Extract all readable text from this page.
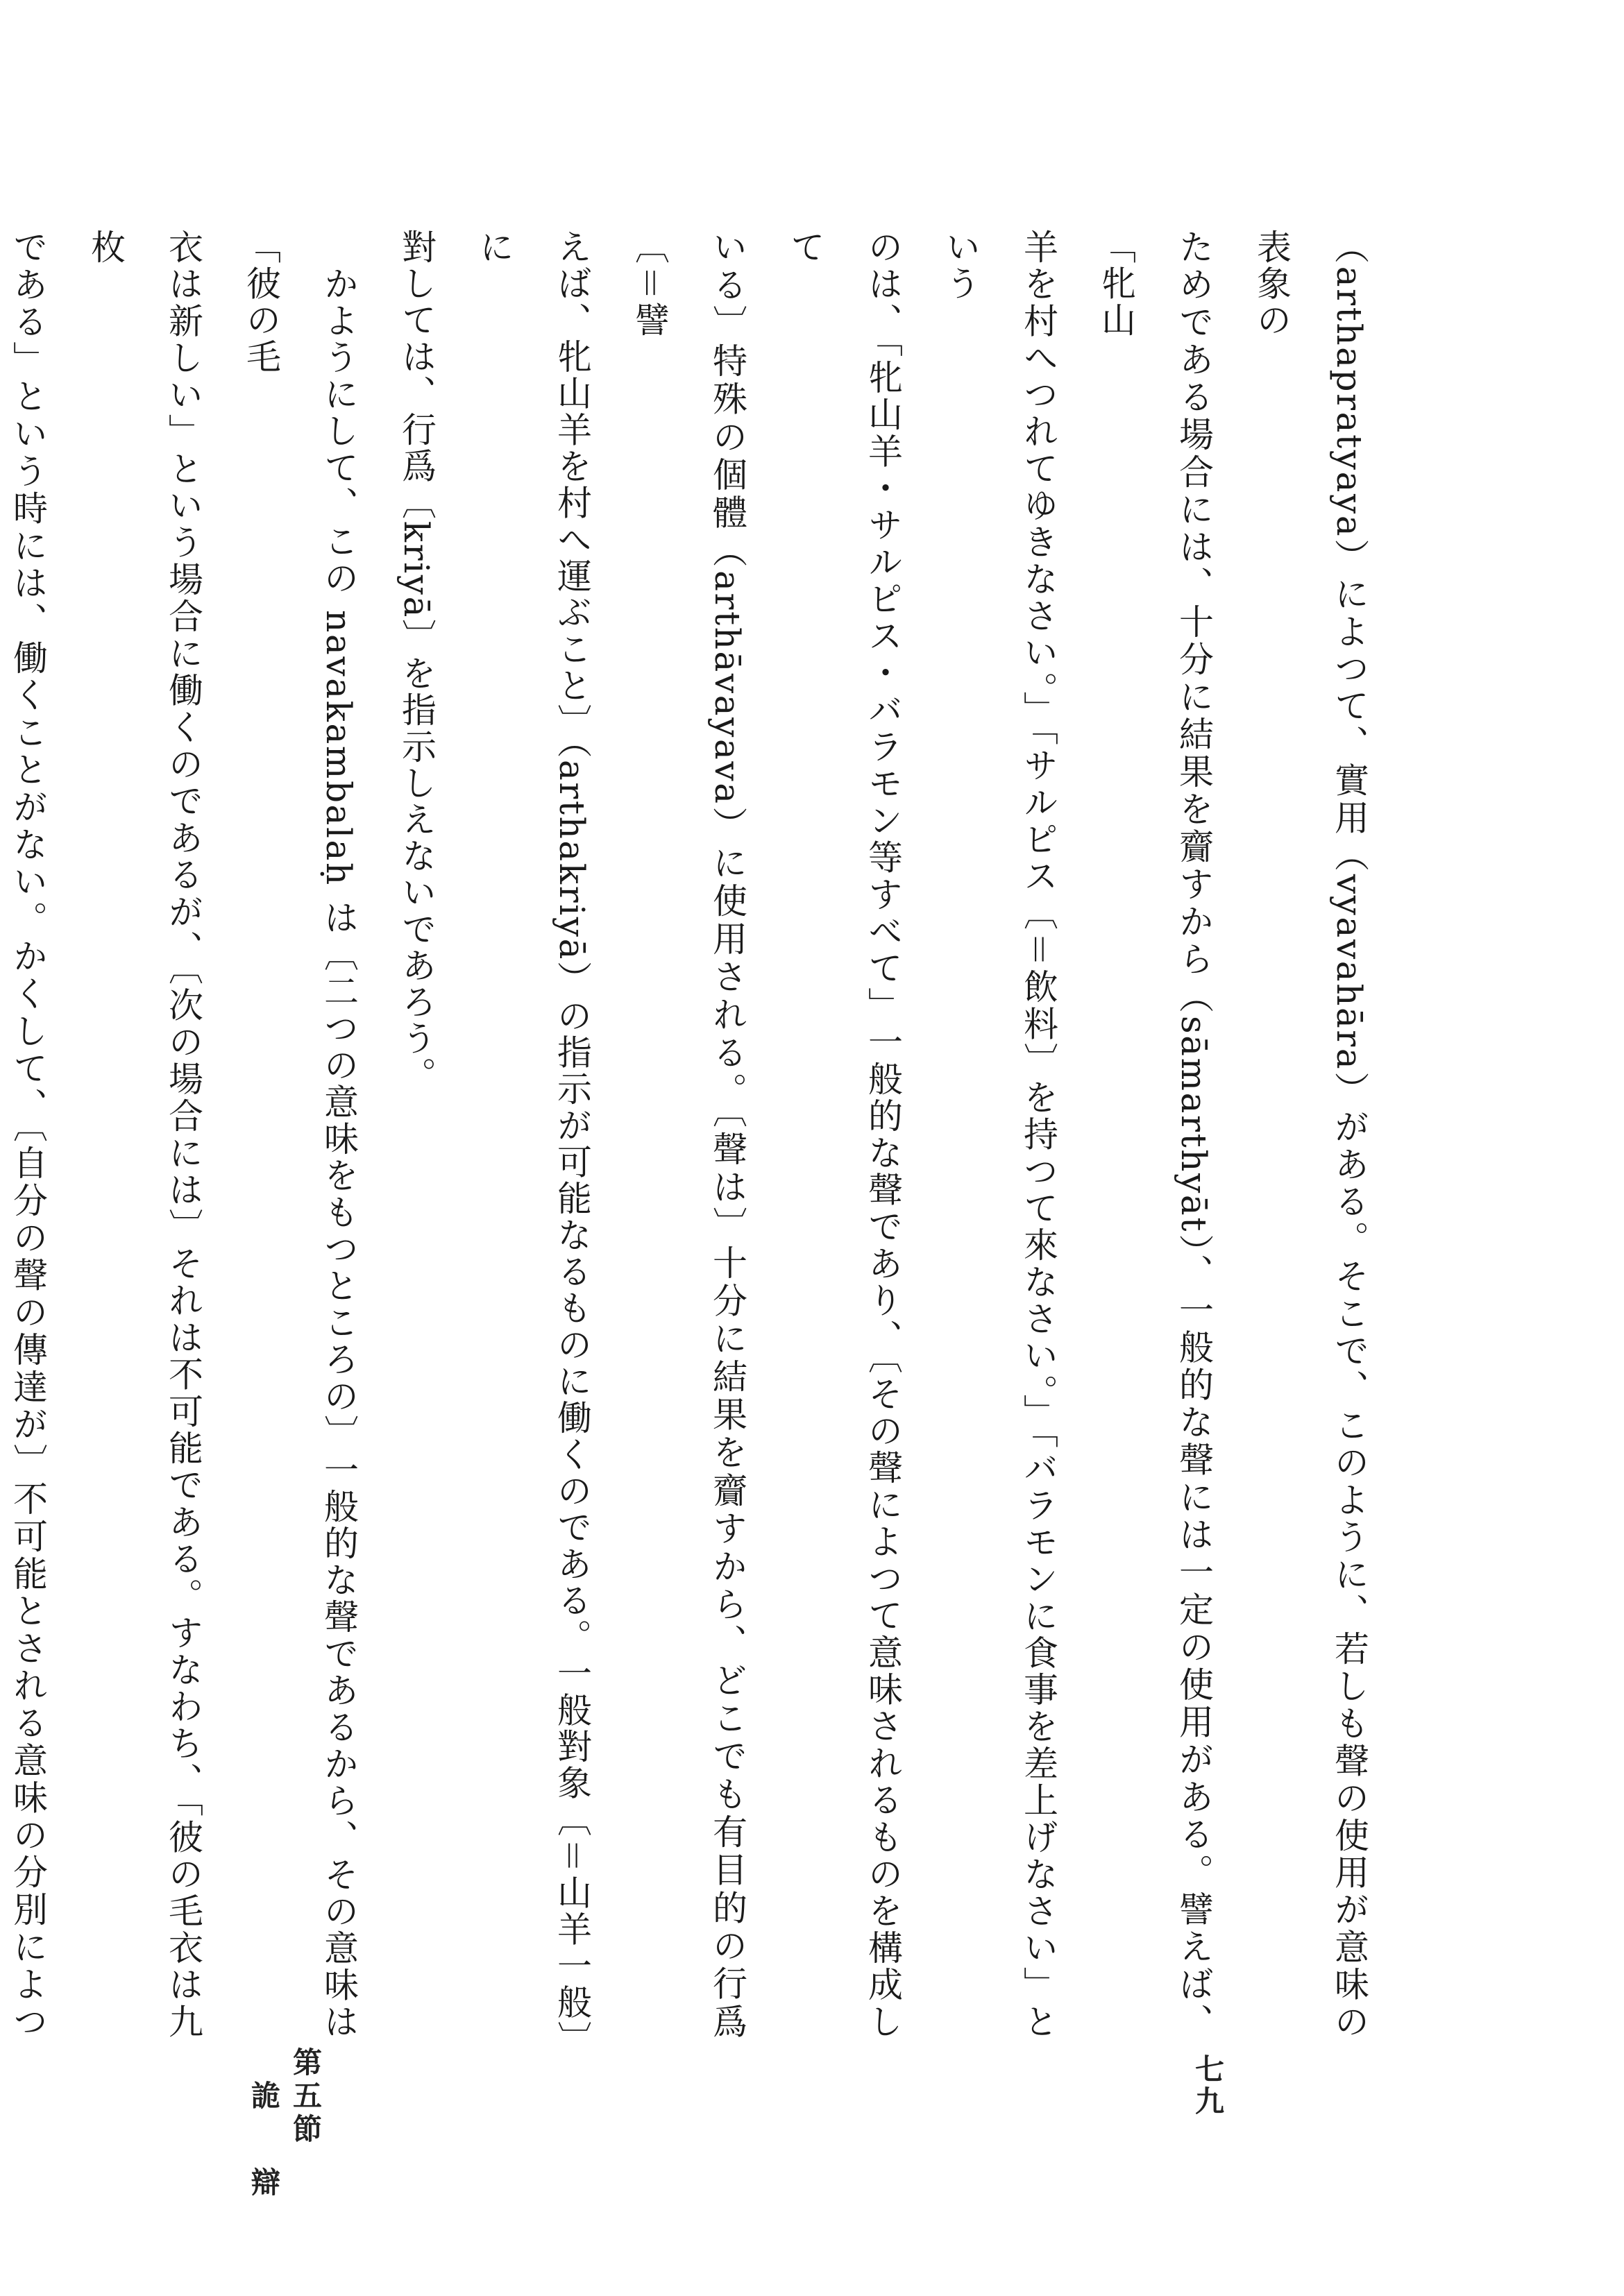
（arthapratyaya）によつて、實用（vyavahāra）がある。そこで、このように、若しも聲の使用が意味の表象の

ためである場合には、十分に結果を齎すから（sāmarthyāt）、一般的な聲には一定の使用がある。譬えば、「牝山

羊を村へつれてゆきなさい。」「サルピス〔＝飲料〕を持つて來なさい。」「バラモンに食事を差上げなさい」という

のは、「牝山羊・サルピス・バラモン等すべて」一般的な聲であり、〔その聲によつて意味されるものを構成して

いる〕特殊の個體（arthāvayava）に使用される。〔聲は〕十分に結果を齎すから、どこでも有目的の行爲〔＝譬

えば、牝山羊を村へ運ぶこと〕（arthakriyā）の指示が可能なるものに働くのである。一般對象〔＝山羊一般〕に

對しては、行爲〔kriyā〕を指示しえないであろう。

　かようにして、この navakambalaḥ は〔二つの意味をもつところの〕一般的な聲であるから、その意味は「彼の毛

衣は新しい」という場合に働くのであるが、〔次の場合には〕それは不可能である。すなわち、「彼の毛衣は九枚

である」という時には、働くことがない。かくして、〔自分の聲の傳達が〕不可能とされる意味の分別によつ

第五節 詭 辯
七九
